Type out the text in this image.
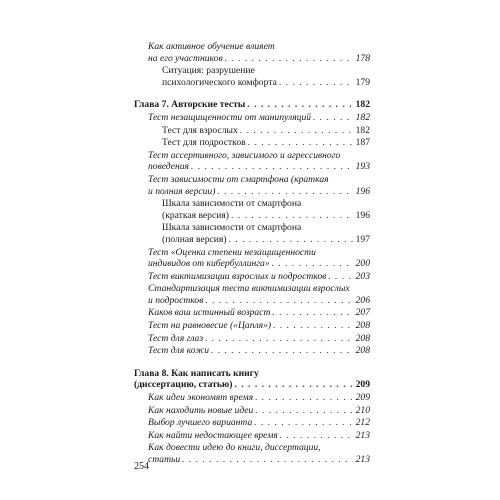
Как активное обучение влияет
на его участников . . .	178
Ситуация: разрушение
психологического комфорта . . .	179
Глава 7. Авторские тесты . . .	182
Тест незащищенности от манипуляций . . .	182
Тест для взрослых . . .	182
Тест для подростков . . .	187
Тест ассертивного, зависимого и агрессивного
поведения . . .	193
Тест зависимости от смартфона (краткая
и полная версии) . . .	196
Шкала зависимости от смартфона
(краткая версия) . . .	196
Шкала зависимости от смартфона
(полная версия) . . .	197
Тест «Оценка степени незащищенности
индивидов от кибербуллинга» . . .	200
Тест виктимизации взрослых и подростков . . .	203
Стандартизация теста виктимизации взрослых
и подростков . . .	206
Каков ваш истинный возраст . . .	207
Тест на равновесие («Цапля») . . .	208
Тест для глаз . . .	208
Тест для кожи . . .	208
Глава 8. Как написать книгу
(диссертацию, статью) . . .	209
Как идеи экономят время . . .	209
Как находить новые идеи . . .	210
Выбор лучшего варианта . . .	212
Как найти недостающее время . . .	213
Как довести идею до книги, диссертации,
статьи . . .	213
254
